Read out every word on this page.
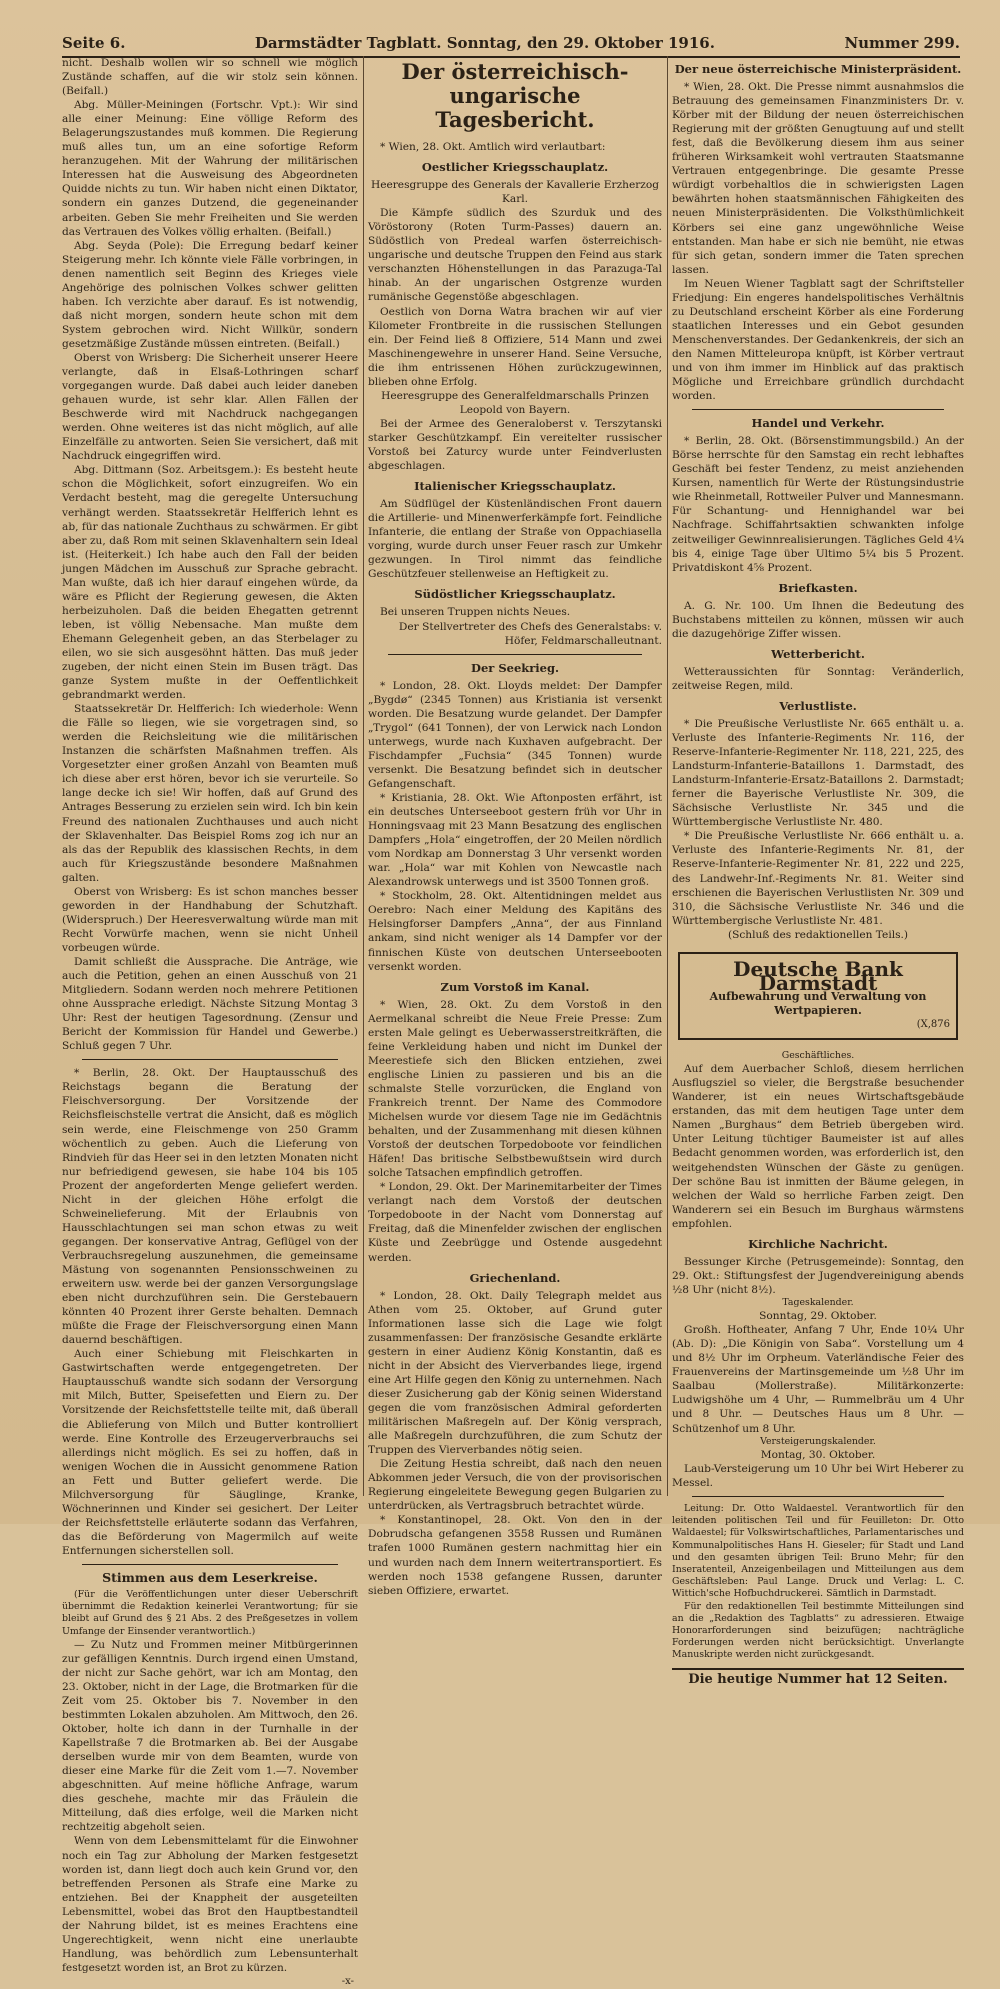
Seite 6.	Darmstädter Tagblatt. Sonntag, den 29. Oktober 1916.	Nummer 299.

nicht. Deshalb wollen wir so schnell wie möglich Zustände schaffen, auf die wir stolz sein können. (Beifall.)

Abg. Müller-Meiningen (Fortschr. Vpt.): Wir sind alle einer Meinung: Eine völlige Reform des Belagerungszustandes muß kommen. Die Regierung muß alles tun, um an eine sofortige Reform heranzugehen. Mit der Wahrung der militärischen Interessen hat die Ausweisung des Abgeordneten Quidde nichts zu tun. Wir haben nicht einen Diktator, sondern ein ganzes Dutzend, die gegeneinander arbeiten. Geben Sie mehr Freiheiten und Sie werden das Vertrauen des Volkes völlig erhalten. (Beifall.)

Abg. Seyda (Pole): Die Erregung bedarf keiner Steigerung mehr. Ich könnte viele Fälle vorbringen, in denen namentlich seit Beginn des Krieges viele Angehörige des polnischen Volkes schwer gelitten haben. Ich verzichte aber darauf. Es ist notwendig, daß nicht morgen, sondern heute schon mit dem System gebrochen wird. Nicht Willkür, sondern gesetzmäßige Zustände müssen eintreten. (Beifall.)

Oberst von Wrisberg: Die Sicherheit unserer Heere verlangte, daß in Elsaß-Lothringen scharf vorgegangen wurde. Daß dabei auch leider daneben gehauen wurde, ist sehr klar. Allen Fällen der Beschwerde wird mit Nachdruck nachgegangen werden. Ohne weiteres ist das nicht möglich, auf alle Einzelfälle zu antworten. Seien Sie versichert, daß mit Nachdruck eingegriffen wird.

Abg. Dittmann (Soz. Arbeitsgem.): Es besteht heute schon die Möglichkeit, sofort einzugreifen. Wo ein Verdacht besteht, mag die geregelte Untersuchung verhängt werden. Staatssekretär Helfferich lehnt es ab, für das nationale Zuchthaus zu schwärmen. Er gibt aber zu, daß Rom mit seinen Sklavenhaltern sein Ideal ist. (Heiterkeit.) Ich habe auch den Fall der beiden jungen Mädchen im Ausschuß zur Sprache gebracht. Man wußte, daß ich hier darauf eingehen würde, da wäre es Pflicht der Regierung gewesen, die Akten herbeizuholen. Daß die beiden Ehegatten getrennt leben, ist völlig Nebensache. Man mußte dem Ehemann Gelegenheit geben, an das Sterbelager zu eilen, wo sie sich ausgesöhnt hätten. Das muß jeder zugeben, der nicht einen Stein im Busen trägt. Das ganze System mußte in der Oeffentlichkeit gebrandmarkt werden.

Staatssekretär Dr. Helfferich: Ich wiederhole: Wenn die Fälle so liegen, wie sie vorgetragen sind, so werden die Reichsleitung wie die militärischen Instanzen die schärfsten Maßnahmen treffen. Als Vorgesetzter einer großen Anzahl von Beamten muß ich diese aber erst hören, bevor ich sie verurteile. So lange decke ich sie! Wir hoffen, daß auf Grund des Antrages Besserung zu erzielen sein wird. Ich bin kein Freund des nationalen Zuchthauses und auch nicht der Sklavenhalter. Das Beispiel Roms zog ich nur an als das der Republik des klassischen Rechts, in dem auch für Kriegszustände besondere Maßnahmen galten.

Oberst von Wrisberg: Es ist schon manches besser geworden in der Handhabung der Schutzhaft. (Widerspruch.) Der Heeresverwaltung würde man mit Recht Vorwürfe machen, wenn sie nicht Unheil vorbeugen würde.

Damit schließt die Aussprache. Die Anträge, wie auch die Petition, gehen an einen Ausschuß von 21 Mitgliedern. Sodann werden noch mehrere Petitionen ohne Aussprache erledigt. Nächste Sitzung Montag 3 Uhr: Rest der heutigen Tagesordnung. (Zensur und Bericht der Kommission für Handel und Gewerbe.) Schluß gegen 7 Uhr.

* Berlin, 28. Okt. Der Hauptausschuß des Reichstags begann die Beratung der Fleischversorgung. Der Vorsitzende der Reichsfleischstelle vertrat die Ansicht, daß es möglich sein werde, eine Fleischmenge von 250 Gramm wöchentlich zu geben. Auch die Lieferung von Rindvieh für das Heer sei in den letzten Monaten nicht nur befriedigend gewesen, sie habe 104 bis 105 Prozent der angeforderten Menge geliefert werden. Nicht in der gleichen Höhe erfolgt die Schweinelieferung. Mit der Erlaubnis von Hausschlachtungen sei man schon etwas zu weit gegangen. Der konservative Antrag, Geflügel von der Verbrauchsregelung auszunehmen, die gemeinsame Mästung von sogenannten Pensionsschweinen zu erweitern usw. werde bei der ganzen Versorgungslage eben nicht durchzuführen sein. Die Gerstebauern könnten 40 Prozent ihrer Gerste behalten. Demnach müßte die Frage der Fleischversorgung einen Mann dauernd beschäftigen.

Auch einer Schiebung mit Fleischkarten in Gastwirtschaften werde entgegengetreten. Der Hauptausschuß wandte sich sodann der Versorgung mit Milch, Butter, Speisefetten und Eiern zu. Der Vorsitzende der Reichsfettstelle teilte mit, daß überall die Ablieferung von Milch und Butter kontrolliert werde. Eine Kontrolle des Erzeugerverbrauchs sei allerdings nicht möglich. Es sei zu hoffen, daß in wenigen Wochen die in Aussicht genommene Ration an Fett und Butter geliefert werde. Die Milchversorgung für Säuglinge, Kranke, Wöchnerinnen und Kinder sei gesichert. Der Leiter der Reichsfettstelle erläuterte sodann das Verfahren, das die Beförderung von Magermilch auf weite Entfernungen sicherstellen soll.

Stimmen aus dem Leserkreise.

(Für die Veröffentlichungen unter dieser Ueberschrift übernimmt die Redaktion keinerlei Verantwortung; für sie bleibt auf Grund des § 21 Abs. 2 des Preßgesetzes in vollem Umfange der Einsender verantwortlich.)

— Zu Nutz und Frommen meiner Mitbürgerinnen zur gefälligen Kenntnis. Durch irgend einen Umstand, der nicht zur Sache gehört, war ich am Montag, den 23. Oktober, nicht in der Lage, die Brotmarken für die Zeit vom 25. Oktober bis 7. November in den bestimmten Lokalen abzuholen. Am Mittwoch, den 26. Oktober, holte ich dann in der Turnhalle in der Kapellstraße 7 die Brotmarken ab. Bei der Ausgabe derselben wurde mir von dem Beamten, wurde von dieser eine Marke für die Zeit vom 1.—7. November abgeschnitten. Auf meine höfliche Anfrage, warum dies geschehe, machte mir das Fräulein die Mitteilung, daß dies erfolge, weil die Marken nicht rechtzeitig abgeholt seien.

Wenn von dem Lebensmittelamt für die Einwohner noch ein Tag zur Abholung der Marken festgesetzt worden ist, dann liegt doch auch kein Grund vor, den betreffenden Personen als Strafe eine Marke zu entziehen. Bei der Knappheit der ausgeteilten Lebensmittel, wobei das Brot den Hauptbestandteil der Nahrung bildet, ist es meines Erachtens eine Ungerechtigkeit, wenn nicht eine unerlaubte Handlung, was behördlich zum Lebensunterhalt festgesetzt worden ist, an Brot zu kürzen.

-x-
Der österreichisch-ungarische Tagesbericht.

* Wien, 28. Okt. Amtlich wird verlautbart:

Oestlicher Kriegsschauplatz.

Heeresgruppe des Generals der Kavallerie Erzherzog Karl.

Die Kämpfe südlich des Szurduk und des Vöröstorony (Roten Turm-Passes) dauern an. Südöstlich von Predeal warfen österreichisch-ungarische und deutsche Truppen den Feind aus stark verschanzten Höhenstellungen in das Parazuga-Tal hinab. An der ungarischen Ostgrenze wurden rumänische Gegenstöße abgeschlagen.

Oestlich von Dorna Watra brachen wir auf vier Kilometer Frontbreite in die russischen Stellungen ein. Der Feind ließ 8 Offiziere, 514 Mann und zwei Maschinengewehre in unserer Hand. Seine Versuche, die ihm entrissenen Höhen zurückzugewinnen, blieben ohne Erfolg.

Heeresgruppe des Generalfeldmarschalls Prinzen Leopold von Bayern.

Bei der Armee des Generaloberst v. Terszytanski starker Geschützkampf. Ein vereitelter russischer Vorstoß bei Zaturcy wurde unter Feindverlusten abgeschlagen.

Italienischer Kriegsschauplatz.

Am Südflügel der Küstenländischen Front dauern die Artillerie- und Minenwerferkämpfe fort. Feindliche Infanterie, die entlang der Straße von Oppachiasella vorging, wurde durch unser Feuer rasch zur Umkehr gezwungen. In Tirol nimmt das feindliche Geschützfeuer stellenweise an Heftigkeit zu.

Südöstlicher Kriegsschauplatz.

Bei unseren Truppen nichts Neues.

Der Stellvertreter des Chefs des Generalstabs: v. Höfer, Feldmarschalleutnant.

Der Seekrieg.

* London, 28. Okt. Lloyds meldet: Der Dampfer „Bygdø“ (2345 Tonnen) aus Kristiania ist versenkt worden. Die Besatzung wurde gelandet. Der Dampfer „Trygol“ (641 Tonnen), der von Lerwick nach London unterwegs, wurde nach Kuxhaven aufgebracht. Der Fischdampfer „Fuchsia“ (345 Tonnen) wurde versenkt. Die Besatzung befindet sich in deutscher Gefangenschaft.

* Kristiania, 28. Okt. Wie Aftonposten erfährt, ist ein deutsches Unterseeboot gestern früh vor Uhr in Honningsvaag mit 23 Mann Besatzung des englischen Dampfers „Hola“ eingetroffen, der 20 Meilen nördlich vom Nordkap am Donnerstag 3 Uhr versenkt worden war. „Hola“ war mit Kohlen von Newcastle nach Alexandrowsk unterwegs und ist 3500 Tonnen groß.

* Stockholm, 28. Okt. Altentidningen meldet aus Oerebro: Nach einer Meldung des Kapitäns des Helsingforser Dampfers „Anna“, der aus Finnland ankam, sind nicht weniger als 14 Dampfer vor der finnischen Küste von deutschen Unterseebooten versenkt worden.

Zum Vorstoß im Kanal.

* Wien, 28. Okt. Zu dem Vorstoß in den Aermelkanal schreibt die Neue Freie Presse: Zum ersten Male gelingt es Ueberwasserstreitkräften, die feine Verkleidung haben und nicht im Dunkel der Meerestiefe sich den Blicken entziehen, zwei englische Linien zu passieren und bis an die schmalste Stelle vorzurücken, die England von Frankreich trennt. Der Name des Commodore Michelsen wurde vor diesem Tage nie im Gedächtnis behalten, und der Zusammenhang mit diesen kühnen Vorstoß der deutschen Torpedoboote vor feindlichen Häfen! Das britische Selbstbewußtsein wird durch solche Tatsachen empfindlich getroffen.

* London, 29. Okt. Der Marinemitarbeiter der Times verlangt nach dem Vorstoß der deutschen Torpedoboote in der Nacht vom Donnerstag auf Freitag, daß die Minenfelder zwischen der englischen Küste und Zeebrügge und Ostende ausgedehnt werden.

Griechenland.

* London, 28. Okt. Daily Telegraph meldet aus Athen vom 25. Oktober, auf Grund guter Informationen lasse sich die Lage wie folgt zusammenfassen: Der französische Gesandte erklärte gestern in einer Audienz König Konstantin, daß es nicht in der Absicht des Vierverbandes liege, irgend eine Art Hilfe gegen den König zu unternehmen. Nach dieser Zusicherung gab der König seinen Widerstand gegen die vom französischen Admiral geforderten militärischen Maßregeln auf. Der König versprach, alle Maßregeln durchzuführen, die zum Schutz der Truppen des Vierverbandes nötig seien.

Die Zeitung Hestia schreibt, daß nach den neuen Abkommen jeder Versuch, die von der provisorischen Regierung eingeleitete Bewegung gegen Bulgarien zu unterdrücken, als Vertragsbruch betrachtet würde.

* Konstantinopel, 28. Okt. Von den in der Dobrudscha gefangenen 3558 Russen und Rumänen trafen 1000 Rumänen gestern nachmittag hier ein und wurden nach dem Innern weitertransportiert. Es werden noch 1538 gefangene Russen, darunter sieben Offiziere, erwartet.

Der neue österreichische Ministerpräsident.

* Wien, 28. Okt. Die Presse nimmt ausnahmslos die Betrauung des gemeinsamen Finanzministers Dr. v. Körber mit der Bildung der neuen österreichischen Regierung mit der größten Genugtuung auf und stellt fest, daß die Bevölkerung diesem ihm aus seiner früheren Wirksamkeit wohl vertrauten Staatsmanne Vertrauen entgegenbringe. Die gesamte Presse würdigt vorbehaltlos die in schwierigsten Lagen bewährten hohen staatsmännischen Fähigkeiten des neuen Ministerpräsidenten. Die Volksthümlichkeit Körbers sei eine ganz ungewöhnliche Weise entstanden. Man habe er sich nie bemüht, nie etwas für sich getan, sondern immer die Taten sprechen lassen.

Im Neuen Wiener Tagblatt sagt der Schriftsteller Friedjung: Ein engeres handelspolitisches Verhältnis zu Deutschland erscheint Körber als eine Forderung staatlichen Interesses und ein Gebot gesunden Menschenverstandes. Der Gedankenkreis, der sich an den Namen Mitteleuropa knüpft, ist Körber vertraut und von ihm immer im Hinblick auf das praktisch Mögliche und Erreichbare gründlich durchdacht worden.

Handel und Verkehr.

* Berlin, 28. Okt. (Börsenstimmungsbild.) An der Börse herrschte für den Samstag ein recht lebhaftes Geschäft bei fester Tendenz, zu meist anziehenden Kursen, namentlich für Werte der Rüstungsindustrie wie Rheinmetall, Rottweiler Pulver und Mannesmann. Für Schantung- und Hennighandel war bei Nachfrage. Schiffahrtsaktien schwankten infolge zeitweiliger Gewinnrealisierungen. Tägliches Geld 4¼ bis 4, einige Tage über Ultimo 5¼ bis 5 Prozent. Privatdiskont 4⅝ Prozent.

Briefkasten.

A. G. Nr. 100. Um Ihnen die Bedeutung des Buchstabens mitteilen zu können, müssen wir auch die dazugehörige Ziffer wissen.

Wetterbericht.

Wetteraussichten für Sonntag: Veränderlich, zeitweise Regen, mild.

Verlustliste.

* Die Preußische Verlustliste Nr. 665 enthält u. a. Verluste des Infanterie-Regiments Nr. 116, der Reserve-Infanterie-Regimenter Nr. 118, 221, 225, des Landsturm-Infanterie-Bataillons 1. Darmstadt, des Landsturm-Infanterie-Ersatz-Bataillons 2. Darmstadt; ferner die Bayerische Verlustliste Nr. 309, die Sächsische Verlustliste Nr. 345 und die Württembergische Verlustliste Nr. 480.

* Die Preußische Verlustliste Nr. 666 enthält u. a. Verluste des Infanterie-Regiments Nr. 81, der Reserve-Infanterie-Regimenter Nr. 81, 222 und 225, des Landwehr-Inf.-Regiments Nr. 81. Weiter sind erschienen die Bayerischen Verlustlisten Nr. 309 und 310, die Sächsische Verlustliste Nr. 346 und die Württembergische Verlustliste Nr. 481.

(Schluß des redaktionellen Teils.)

Deutsche Bank Darmstadt
Aufbewahrung und Verwaltung von Wertpapieren.
(X,876

Geschäftliches.

Auf dem Auerbacher Schloß, diesem herrlichen Ausflugsziel so vieler, die Bergstraße besuchender Wanderer, ist ein neues Wirtschaftsgebäude erstanden, das mit dem heutigen Tage unter dem Namen „Burghaus“ dem Betrieb übergeben wird. Unter Leitung tüchtiger Baumeister ist auf alles Bedacht genommen worden, was erforderlich ist, den weitgehendsten Wünschen der Gäste zu genügen. Der schöne Bau ist inmitten der Bäume gelegen, in welchen der Wald so herrliche Farben zeigt. Den Wanderern sei ein Besuch im Burghaus wärmstens empfohlen.

Kirchliche Nachricht.

Bessunger Kirche (Petrusgemeinde): Sonntag, den 29. Okt.: Stiftungsfest der Jugendvereinigung abends ½8 Uhr (nicht 8½).

Tageskalender.

Sonntag, 29. Oktober.

Großh. Hoftheater, Anfang 7 Uhr, Ende 10¼ Uhr (Ab. D): „Die Königin von Saba“. Vorstellung um 4 und 8½ Uhr im Orpheum. Vaterländische Feier des Frauenvereins der Martinsgemeinde um ½8 Uhr im Saalbau (Mollerstraße). Militärkonzerte: Ludwigshöhe um 4 Uhr, — Rummelbräu um 4 Uhr und 8 Uhr. — Deutsches Haus um 8 Uhr. — Schützenhof um 8 Uhr.

Versteigerungskalender.

Montag, 30. Oktober.

Laub-Versteigerung um 10 Uhr bei Wirt Heberer zu Messel.

Leitung: Dr. Otto Waldaestel. Verantwortlich für den leitenden politischen Teil und für Feuilleton: Dr. Otto Waldaestel; für Volkswirtschaftliches, Parlamentarisches und Kommunalpolitisches Hans H. Gieseler; für Stadt und Land und den gesamten übrigen Teil: Bruno Mehr; für den Inseratenteil, Anzeigenbeilagen und Mitteilungen aus dem Geschäftsleben: Paul Lange. Druck und Verlag: L. C. Wittich'sche Hofbuchdruckerei. Sämtlich in Darmstadt.

Für den redaktionellen Teil bestimmte Mitteilungen sind an die „Redaktion des Tagblatts“ zu adressieren. Etwaige Honorarforderungen sind beizufügen; nachträgliche Forderungen werden nicht berücksichtigt. Unverlangte Manuskripte werden nicht zurückgesandt.

Die heutige Nummer hat 12 Seiten.
